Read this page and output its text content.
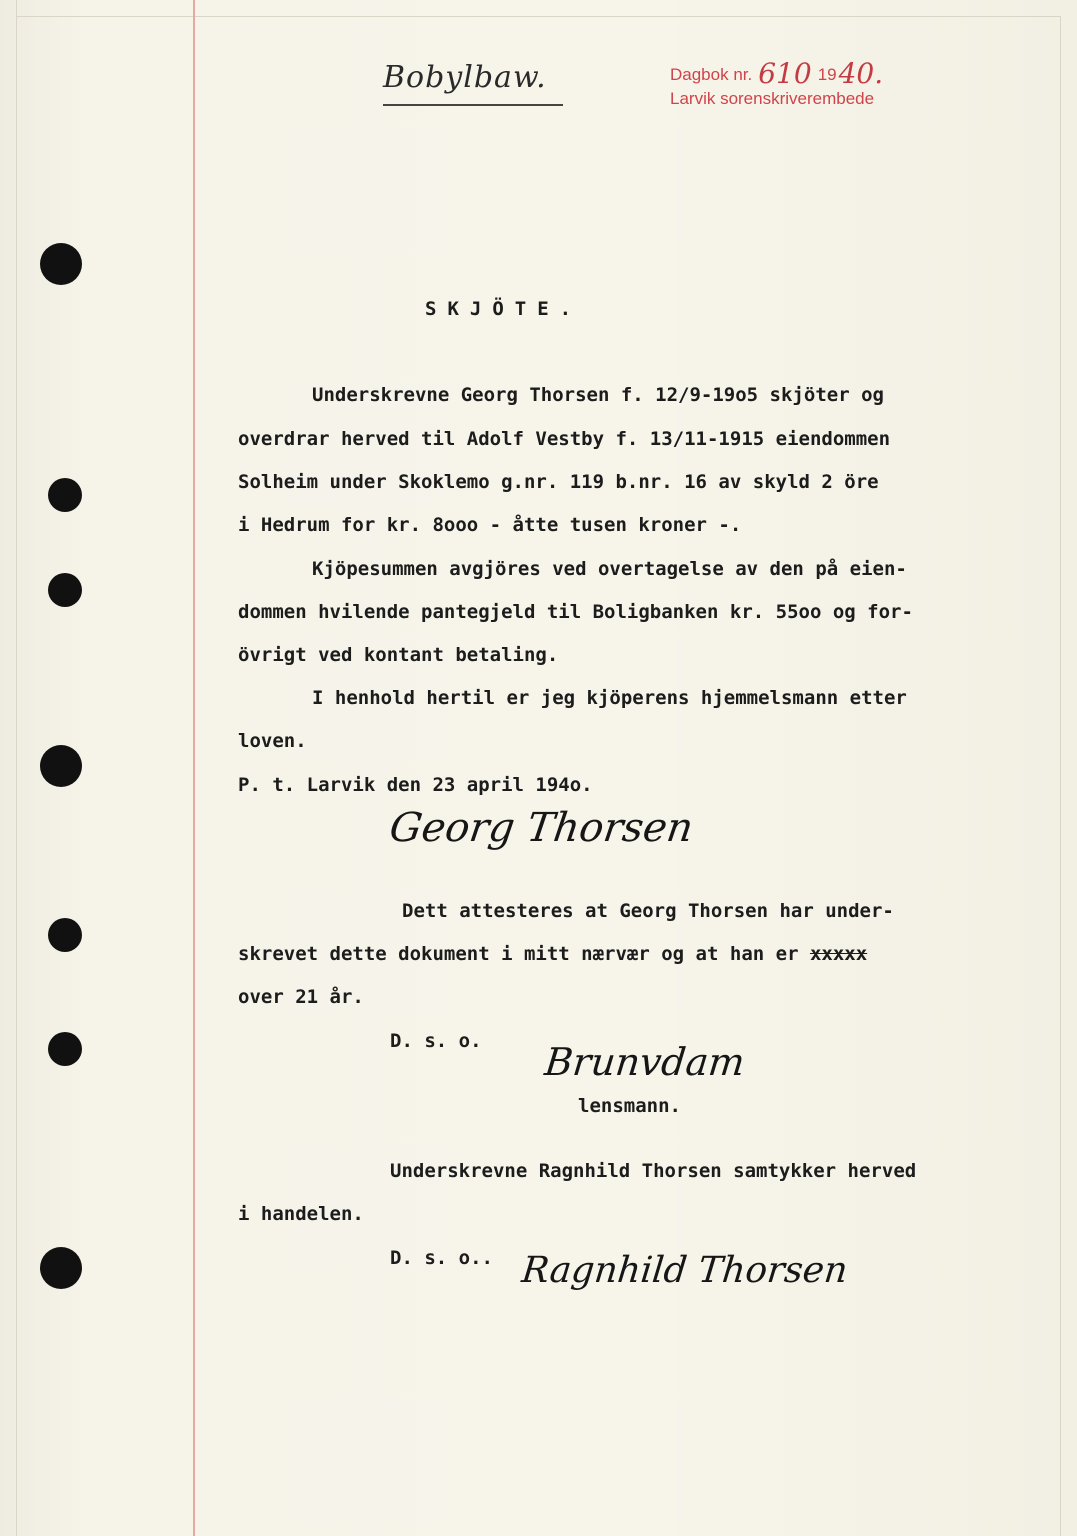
Bobylbaw.	Dagbok nr. 610 1940.
Larvik sorenskriverembede
SKJÖTE.
Underskrevne Georg Thorsen f. 12/9-19o5 skjöter og
overdrar herved til Adolf Vestby f. 13/11-1915 eiendommen
Solheim under Skoklemo g.nr. 119 b.nr. 16 av skyld 2 öre
i Hedrum for kr. 8ooo - åtte tusen kroner -.
Kjöpesummen avgjöres ved overtagelse av den på eien-
dommen hvilende pantegjeld til Boligbanken kr. 55oo og for-
övrigt ved kontant betaling.
I henhold hertil er jeg kjöperens hjemmelsmann etter
loven.
P. t. Larvik den 23 april 194o.
Georg Thorsen
Dett attesteres at Georg Thorsen har under-
skrevet dette dokument i mitt nærvær og at han er xxxxx
over 21 år.
D. s. o. Brunvdam
lensmann.
Underskrevne Ragnhild Thorsen samtykker herved
i handelen.
D. s. o.. Ragnhild Thorsen
